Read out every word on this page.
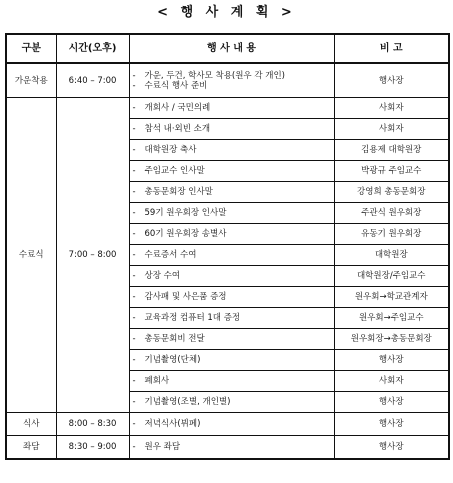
< 행 사 계 획 >
구분	시간(오후)	행 사 내 용	비 고
가운착용	6:40 – 7:00	- 가운, 두건, 학사모 착용(원우 각 개인)
- 수료식 행사 준비	행사장
수료식	7:00 – 8:00	- 개회사 / 국민의례	사회자

		- 참석 내·외빈 소개	사회자

		- 대학원장 축사	김용제 대학원장

		- 주임교수 인사말	박광규 주임교수

		- 총동문회장 인사말	강영희 총동문회장

		- 59기 원우회장 인사말	주관식 원우회장

		- 60기 원우회장 송별사	유동기 원우회장

		- 수료증서 수여	대학원장

		- 상장 수여	대학원장/주임교수

		- 감사패 및 사은품 증정	원우회→학교관계자

		- 교육과정 컴퓨터 1대 증정	원우회→주임교수

		- 총동문회비 전달	원우회장→총동문회장

		- 기념촬영(단체)	행사장

		- 폐회사	사회자

		- 기념촬영(조별, 개인별)	행사장
식사	8:00 – 8:30	- 저녁식사(뷔페)	행사장
좌담	8:30 – 9:00	- 원우 좌담	행사장
